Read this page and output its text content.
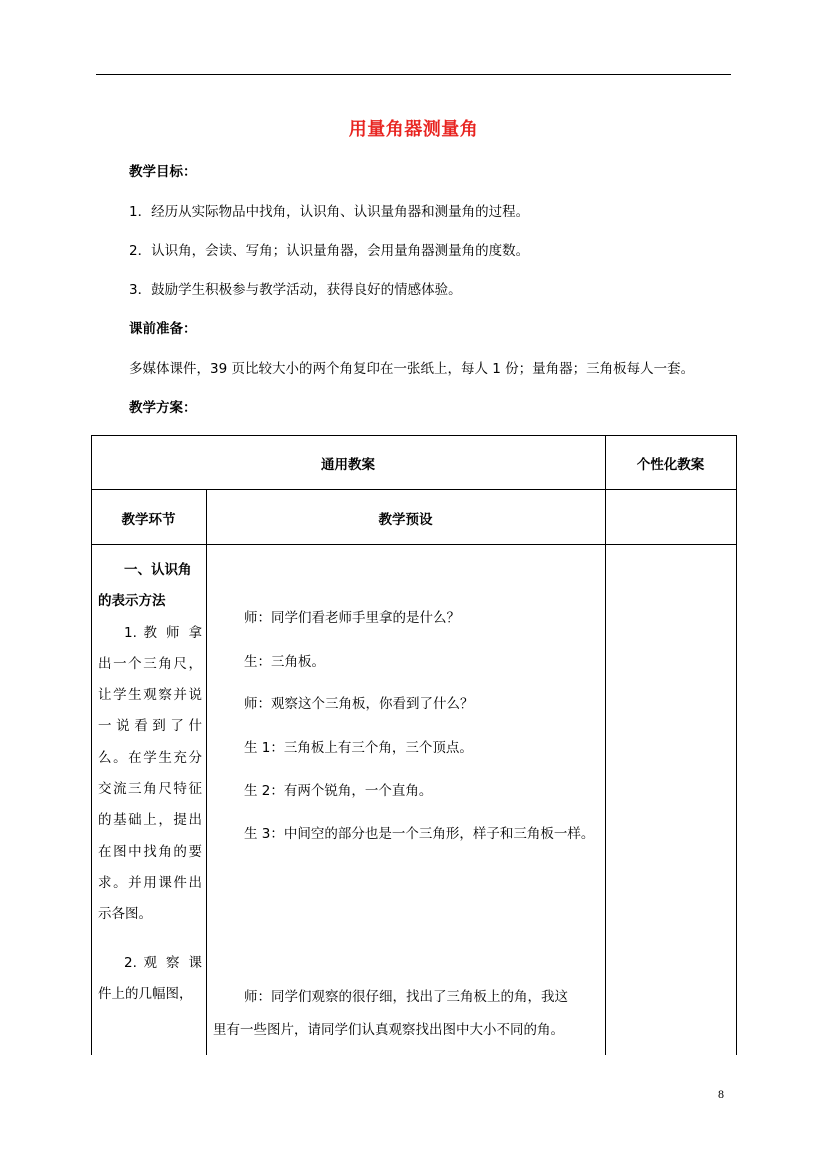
用量角器测量角
教学目标：
1．经历从实际物品中找角，认识角、认识量角器和测量角的过程。
2．认识角，会读、写角；认识量角器，会用量角器测量角的度数。
3．鼓励学生积极参与教学活动，获得良好的情感体验。
课前准备：
多媒体课件，39 页比较大小的两个角复印在一张纸上，每人 1 份；量角器；三角板每人一套。
教学方案：
通用教案	个性化教案
教学环节	教学预设

一、认识角

的表示方法

1. 教 师 拿出一个三角尺，让学生观察并说一说看到了什么。在学生充分交流三角尺特征的基础上，提出在图中找角的要求。并用课件出示各图。

2. 观 察 课件上的几幅图，

师：同学们看老师手里拿的是什么？
生：三角板。
师：观察这个三角板，你看到了什么？
生 1：三角板上有三个角，三个顶点。
生 2：有两个锐角，一个直角。
生 3：中间空的部分也是一个三角形，样子和三角板一样。
师：同学们观察的很仔细，找出了三角板上的角，我这
里有一些图片，请同学们认真观察找出图中大小不同的角。
8
